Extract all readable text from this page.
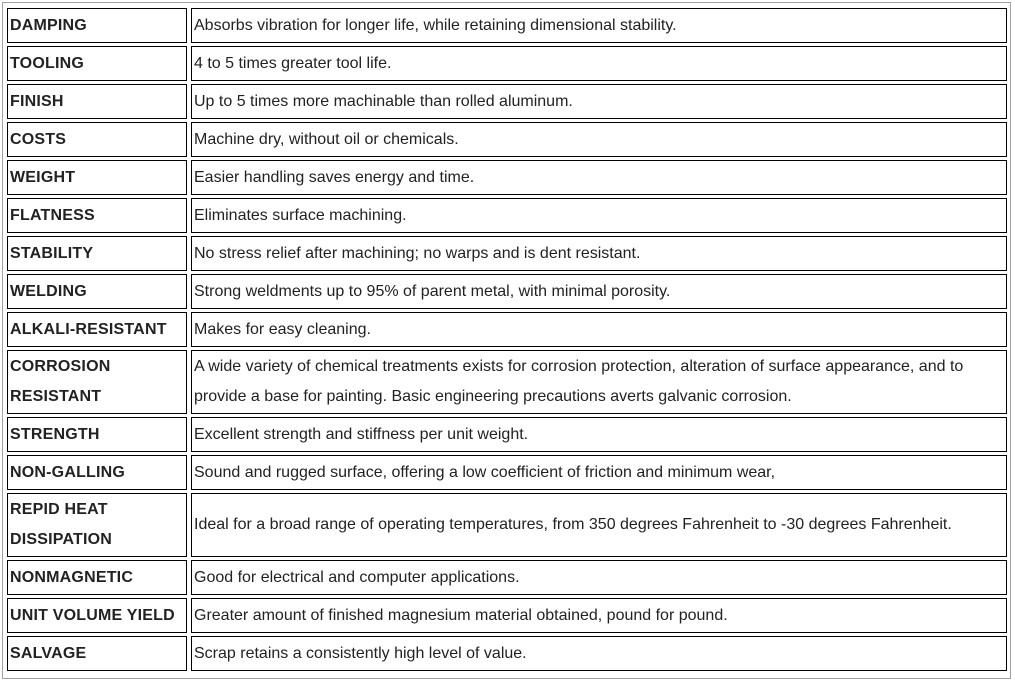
DAMPING	Absorbs vibration for longer life, while retaining dimensional stability.
TOOLING	4 to 5 times greater tool life.
FINISH	Up to 5 times more machinable than rolled aluminum.
COSTS	Machine dry, without oil or chemicals.
WEIGHT	Easier handling saves energy and time.
FLATNESS	Eliminates surface machining.
STABILITY	No stress relief after machining; no warps and is dent resistant.
WELDING	Strong weldments up to 95% of parent metal, with minimal porosity.
ALKALI-RESISTANT	Makes for easy cleaning.
CORROSION RESISTANT	A wide variety of chemical treatments exists for corrosion protection, alteration of surface appearance, and to provide a base for painting. Basic engineering precautions averts galvanic corrosion.
STRENGTH	Excellent strength and stiffness per unit weight.
NON-GALLING	Sound and rugged surface, offering a low coefficient of friction and minimum wear,
REPID HEAT DISSIPATION	Ideal for a broad range of operating temperatures, from 350 degrees Fahrenheit to -30 degrees Fahrenheit.
NONMAGNETIC	Good for electrical and computer applications.
UNIT VOLUME YIELD	Greater amount of finished magnesium material obtained, pound for pound.
SALVAGE	Scrap retains a consistently high level of value.
